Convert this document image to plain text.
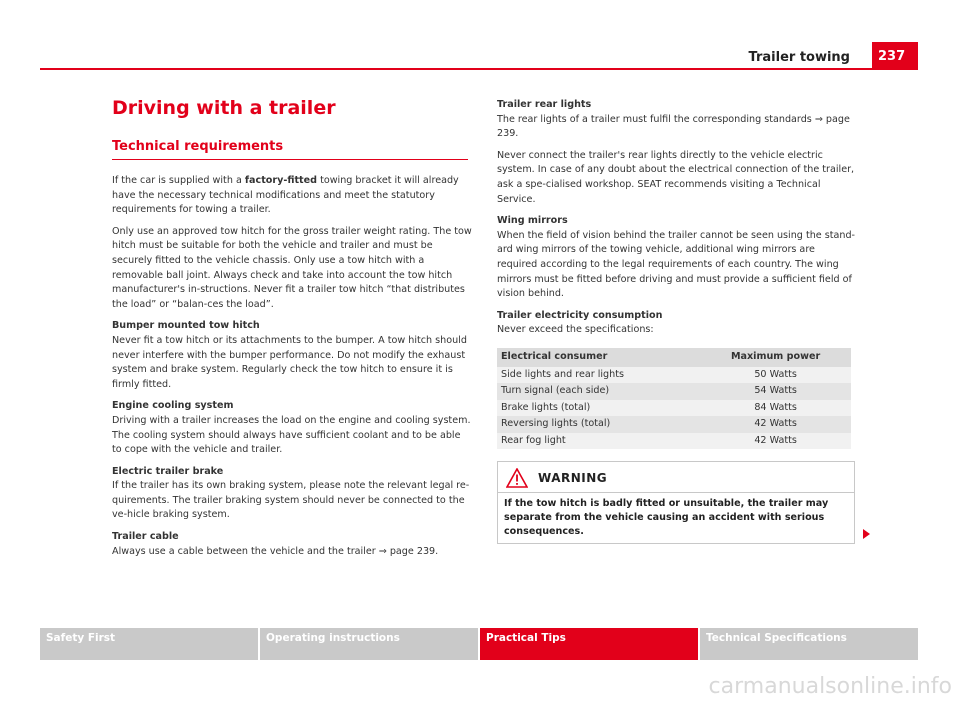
Trailer towing	237
Driving with a trailer
Technical requirements

If the car is supplied with a factory-fitted towing bracket it will already have the necessary technical modifications and meet the statutory requirements for towing a trailer.

Only use an approved tow hitch for the gross trailer weight rating. The tow hitch must be suitable for both the vehicle and trailer and must be securely fitted to the vehicle chassis. Only use a tow hitch with a removable ball joint. Always check and take into account the tow hitch manufacturer's in-structions. Never fit a trailer tow hitch “that distributes the load” or “balan-ces the load”.

Bumper mounted tow hitch

Never fit a tow hitch or its attachments to the bumper. A tow hitch should never interfere with the bumper performance. Do not modify the exhaust system and brake system. Regularly check the tow hitch to ensure it is firmly fitted.

Engine cooling system

Driving with a trailer increases the load on the engine and cooling system. The cooling system should always have sufficient coolant and to be able to cope with the vehicle and trailer.

Electric trailer brake

If the trailer has its own braking system, please note the relevant legal re-quirements. The trailer braking system should never be connected to the ve-hicle braking system.

Trailer cable

Always use a cable between the vehicle and the trailer ⇒ page 239.

Trailer rear lights

The rear lights of a trailer must fulfil the corresponding standards ⇒ page 239.

Never connect the trailer's rear lights directly to the vehicle electric system. In case of any doubt about the electrical connection of the trailer, ask a spe-cialised workshop. SEAT recommends visiting a Technical Service.

Wing mirrors

When the field of vision behind the trailer cannot be seen using the stand-ard wing mirrors of the towing vehicle, additional wing mirrors are required according to the legal requirements of each country. The wing mirrors must be fitted before driving and must provide a sufficient field of vision behind.

Trailer electricity consumption

Never exceed the specifications:

Electrical consumer	Maximum power
Side lights and rear lights	50 Watts
Turn signal (each side)	54 Watts
Brake lights (total)	84 Watts
Reversing lights (total)	42 Watts
Rear fog light	42 Watts
WARNING
If the tow hitch is badly fitted or unsuitable, the trailer may separate from the vehicle causing an accident with serious consequences.
Safety First	Operating instructions	Practical Tips	Technical Specifications
carmanualsonline.info
